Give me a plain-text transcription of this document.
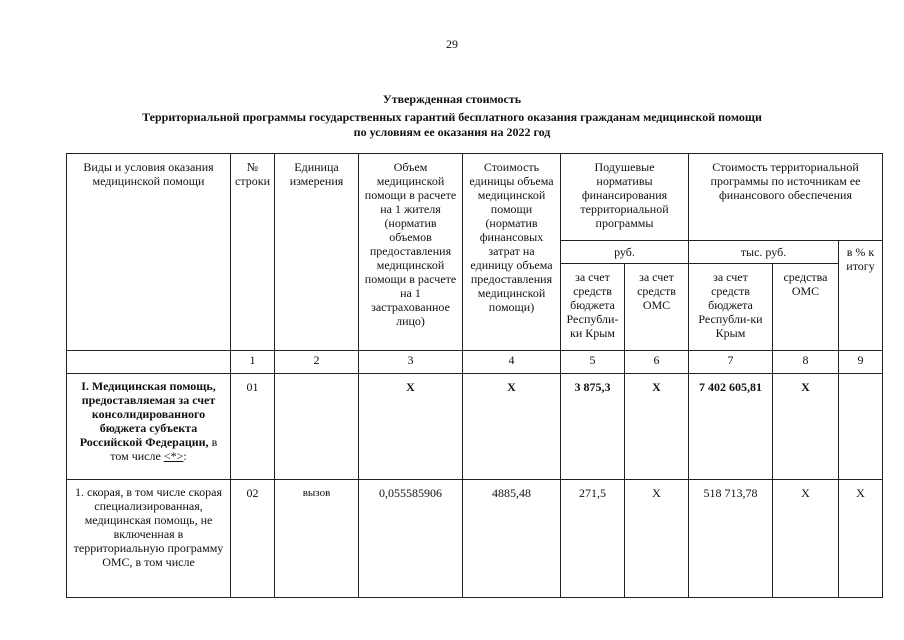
29
Утвержденная стоимость
Территориальной программы государственных гарантий бесплатного оказания гражданам медицинской помощи
по условиям ее оказания на 2022 год
Виды и условия оказания медицинской помощи	№ строки	Единица измерения	Объем медицинской помощи в расчете на 1 жителя (норматив объемов предоставления медицинской помощи в расчете на 1 застрахованное лицо)	Стоимость единицы объема медицинской помощи (норматив финансовых затрат на единицу объема предоставления медицинской помощи)	Подушевые нормативы финансирования территориальной программы		Стоимость территориальной программы по источникам ее финансового обеспечения		
					руб.		тыс. руб.		в % к итогу
					за счет средств бюджета Республи-ки Крым	за счет средств ОМС	за счет средств бюджета Республи-ки Крым	средства ОМС	
	1	2	3	4	5	6	7	8	9
I. Медицинская помощь, предоставляемая за счет консолидированного бюджета субъекта Российской Федерации, в том числе <*>:	01		X	X	3 875,3	X	7 402 605,81	X	
1. скорая, в том числе скорая специализированная, медицинская помощь, не включенная в территориальную программу ОМС, в том числе	02	вызов	0,055585906	4885,48	271,5	X	518 713,78	X	X
